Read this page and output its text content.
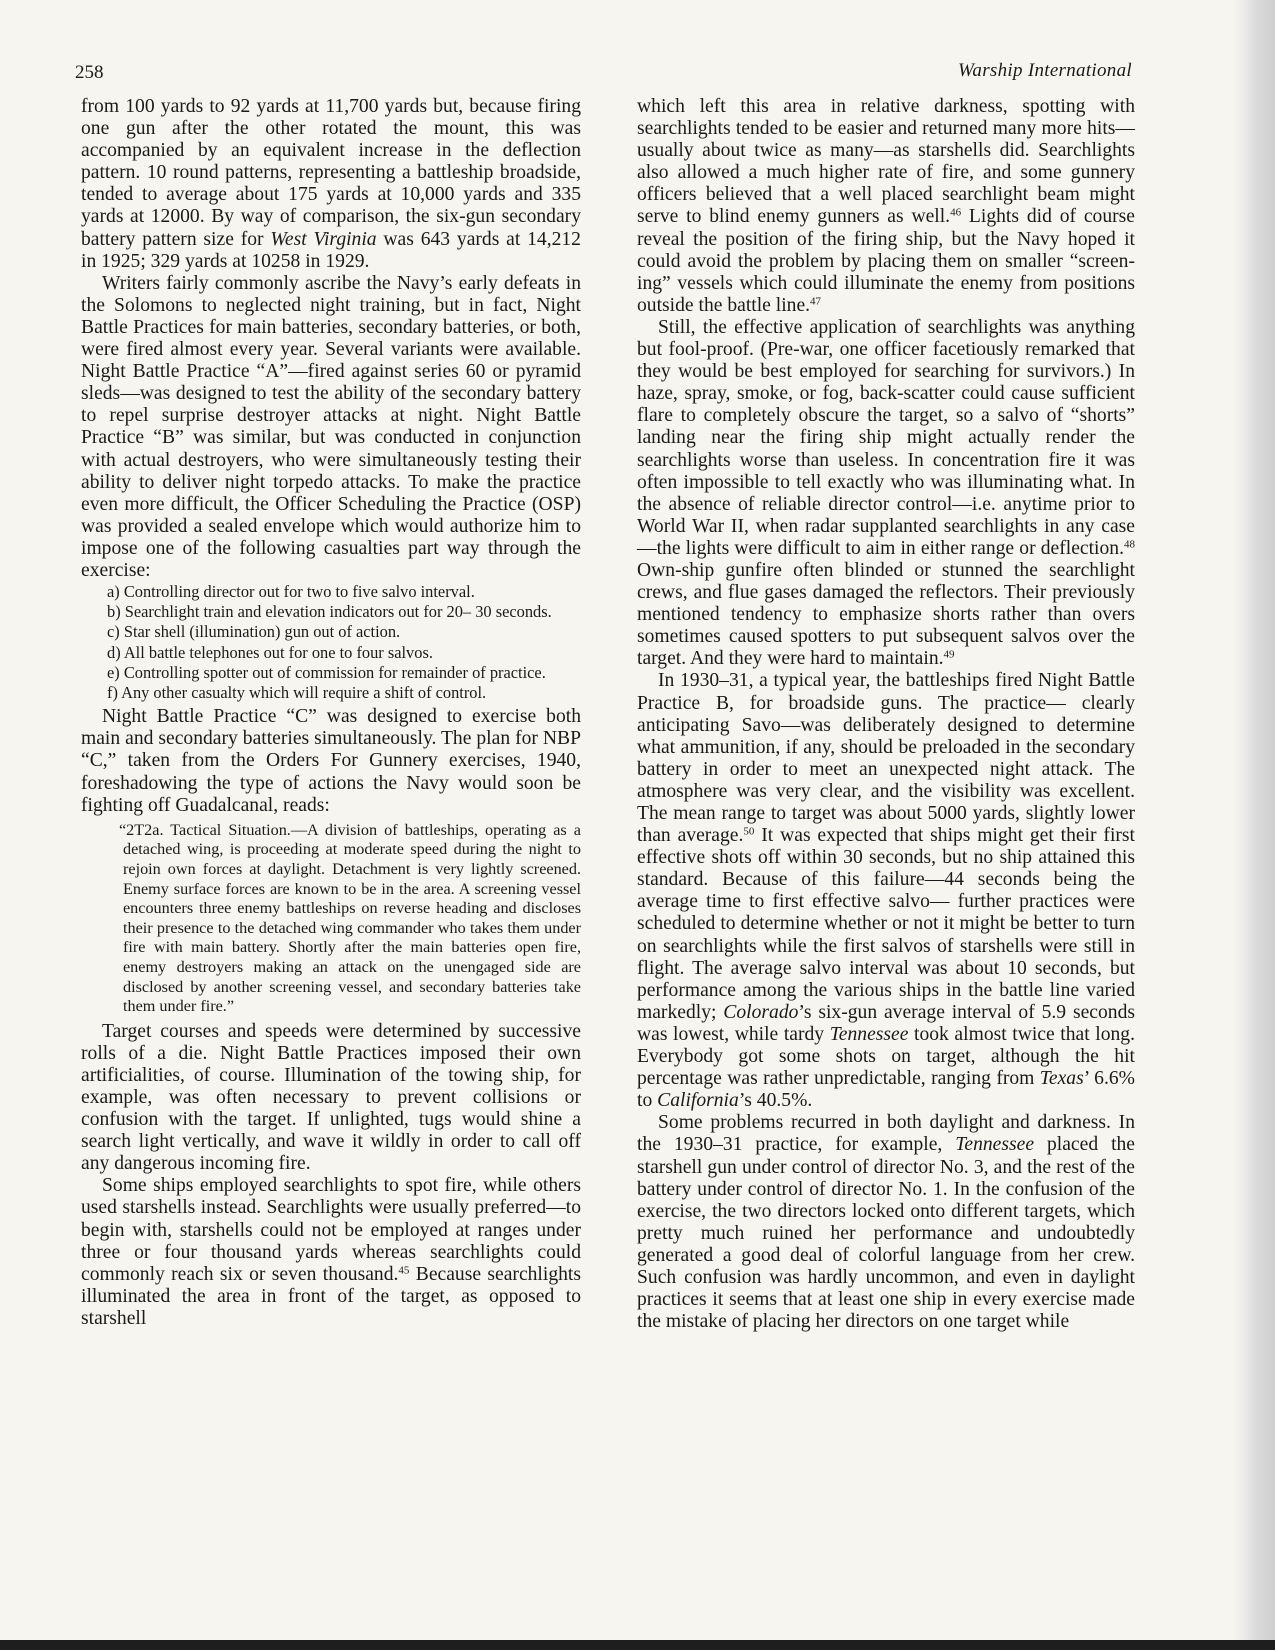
258	Warship International

from 100 yards to 92 yards at 11,700 yards but, because firing one gun after the other rotated the mount, this was accompanied by an equivalent increase in the deflection pattern. 10 round patterns, representing a battleship broadside, tended to average about 175 yards at 10,000 yards and 335 yards at 12000. By way of comparison, the six-gun secondary battery pattern size for West Virginia was 643 yards at 14,212 in 1925; 329 yards at 10258 in 1929.

Writers fairly commonly ascribe the Navy’s early defeats in the Solomons to neglected night training, but in fact, Night Battle Practices for main batteries, secondary batteries, or both, were fired almost every year. Several variants were available. Night Battle Practice “A”—fired against series 60 or pyramid sleds—was designed to test the ability of the secondary battery to repel surprise destroyer attacks at night. Night Battle Practice “B” was similar, but was conducted in conjunction with actual destroyers, who were simultaneously testing their ability to deliver night torpedo attacks. To make the practice even more difficult, the Officer Scheduling the Practice (OSP) was provided a sealed envelope which would authorize him to impose one of the following casualties part way through the exercise:

a) Controlling director out for two to five salvo interval.
b) Searchlight train and elevation indicators out for 20– 30 seconds.
c) Star shell (illumination) gun out of action.
d) All battle telephones out for one to four salvos.
e) Controlling spotter out of commission for remainder of practice.
f) Any other casualty which will require a shift of control.

Night Battle Practice “C” was designed to exercise both main and secondary batteries simultaneously. The plan for NBP “C,” taken from the Orders For Gunnery exercises, 1940, foreshadowing the type of actions the Navy would soon be fighting off Guadalcanal, reads:

“2T2a. Tactical Situation.—A division of battleships, operating as a detached wing, is proceeding at moderate speed during the night to rejoin own forces at daylight. Detachment is very lightly screened. Enemy surface forces are known to be in the area. A screening vessel encounters three enemy battleships on reverse heading and discloses their presence to the detached wing commander who takes them under fire with main battery. Shortly after the main batteries open fire, enemy destroyers making an attack on the unengaged side are disclosed by another screening vessel, and secondary batteries take them under fire.”

Target courses and speeds were determined by successive rolls of a die. Night Battle Practices imposed their own artificialities, of course. Illumination of the towing ship, for example, was often necessary to prevent collisions or confusion with the target. If unlighted, tugs would shine a search light vertically, and wave it wildly in order to call off any dangerous incoming fire.

Some ships employed searchlights to spot fire, while others used starshells instead. Searchlights were usually preferred—to begin with, starshells could not be employed at ranges under three or four thousand yards whereas searchlights could commonly reach six or seven thousand.$^{45}$ Because searchlights illuminated the area in front of the target, as opposed to starshell

which left this area in relative darkness, spotting with searchlights tended to be easier and returned many more hits—usually about twice as many—as starshells did. Searchlights also allowed a much higher rate of fire, and some gunnery officers believed that a well placed searchlight beam might serve to blind enemy gunners as well.$^{46}$ Lights did of course reveal the position of the firing ship, but the Navy hoped it could avoid the problem by placing them on smaller “screening” vessels which could illuminate the enemy from positions outside the battle line.$^{47}$

Still, the effective application of searchlights was anything but fool-proof. (Pre-war, one officer facetiously remarked that they would be best employed for searching for survivors.) In haze, spray, smoke, or fog, back-scatter could cause sufficient flare to completely obscure the target, so a salvo of “shorts” landing near the firing ship might actually render the searchlights worse than useless. In concentration fire it was often impossible to tell exactly who was illuminating what. In the absence of reliable director control—i.e. anytime prior to World War II, when radar supplanted searchlights in any case—the lights were difficult to aim in either range or deflection.$^{48}$ Own-ship gunfire often blinded or stunned the searchlight crews, and flue gases damaged the reflectors. Their previously mentioned tendency to emphasize shorts rather than overs sometimes caused spotters to put subsequent salvos over the target. And they were hard to maintain.$^{49}$

In 1930–31, a typical year, the battleships fired Night Battle Practice B, for broadside guns. The practice— clearly anticipating Savo—was deliberately designed to determine what ammunition, if any, should be preloaded in the secondary battery in order to meet an unexpected night attack. The atmosphere was very clear, and the visibility was excellent. The mean range to target was about 5000 yards, slightly lower than average.$^{50}$ It was expected that ships might get their first effective shots off within 30 seconds, but no ship attained this standard. Because of this failure—44 seconds being the average time to first effective salvo— further practices were scheduled to determine whether or not it might be better to turn on searchlights while the first salvos of starshells were still in flight. The average salvo interval was about 10 seconds, but performance among the various ships in the battle line varied markedly; Colorado’s six-gun average interval of 5.9 seconds was lowest, while tardy Tennessee took almost twice that long. Everybody got some shots on target, although the hit percentage was rather unpredictable, ranging from Texas’ 6.6% to California’s 40.5%.

Some problems recurred in both daylight and darkness. In the 1930–31 practice, for example, Tennessee placed the starshell gun under control of director No. 3, and the rest of the battery under control of director No. 1. In the confusion of the exercise, the two directors locked onto different targets, which pretty much ruined her performance and undoubtedly generated a good deal of colorful language from her crew. Such confusion was hardly uncommon, and even in daylight practices it seems that at least one ship in every exercise made the mistake of placing her directors on one target while
